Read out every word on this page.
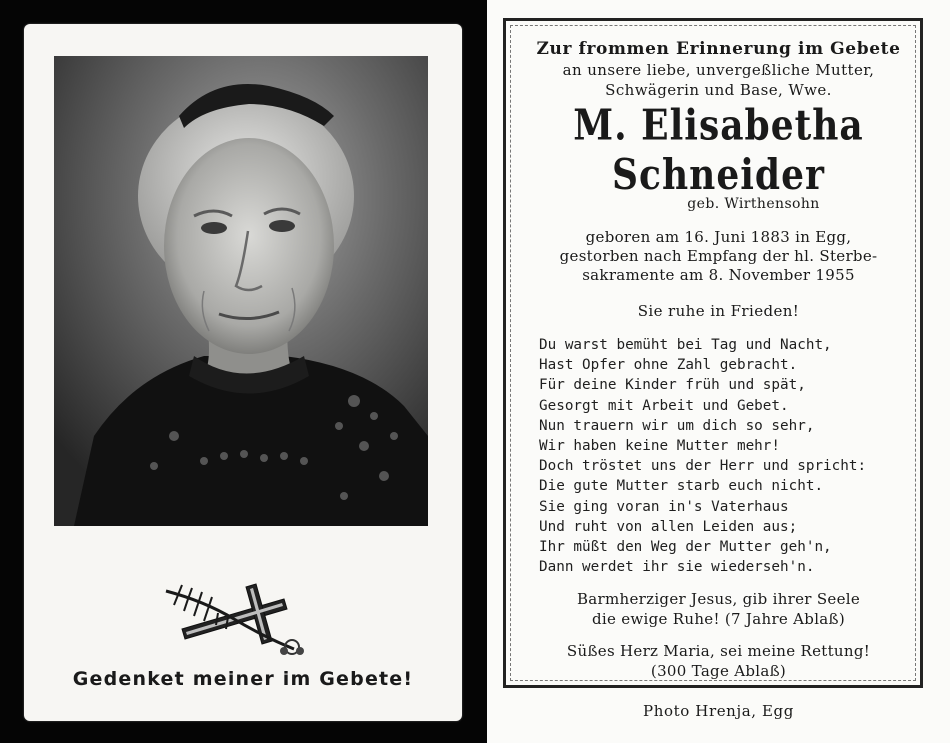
Gedenket meiner im Gebete!
Zur frommen Erinnerung im Gebete
an unsere liebe, unvergeßliche Mutter,
Schwägerin und Base, Wwe.
M. Elisabetha Schneider
geb. Wirthensohn
geboren am 16. Juni 1883 in Egg,
gestorben nach Empfang der hl. Sterbe-
sakramente am 8. November 1955
Sie ruhe in Frieden!
Du warst bemüht bei Tag und Nacht,
Hast Opfer ohne Zahl gebracht.
Für deine Kinder früh und spät,
Gesorgt mit Arbeit und Gebet.
Nun trauern wir um dich so sehr,
Wir haben keine Mutter mehr!
Doch tröstet uns der Herr und spricht:
Die gute Mutter starb euch nicht.
Sie ging voran in's Vaterhaus
Und ruht von allen Leiden aus;
Ihr müßt den Weg der Mutter geh'n,
Dann werdet ihr sie wiederseh'n.
Barmherziger Jesus, gib ihrer Seele
die ewige Ruhe! (7 Jahre Ablaß)
Süßes Herz Maria, sei meine Rettung!
(300 Tage Ablaß)
Photo Hrenja, Egg
